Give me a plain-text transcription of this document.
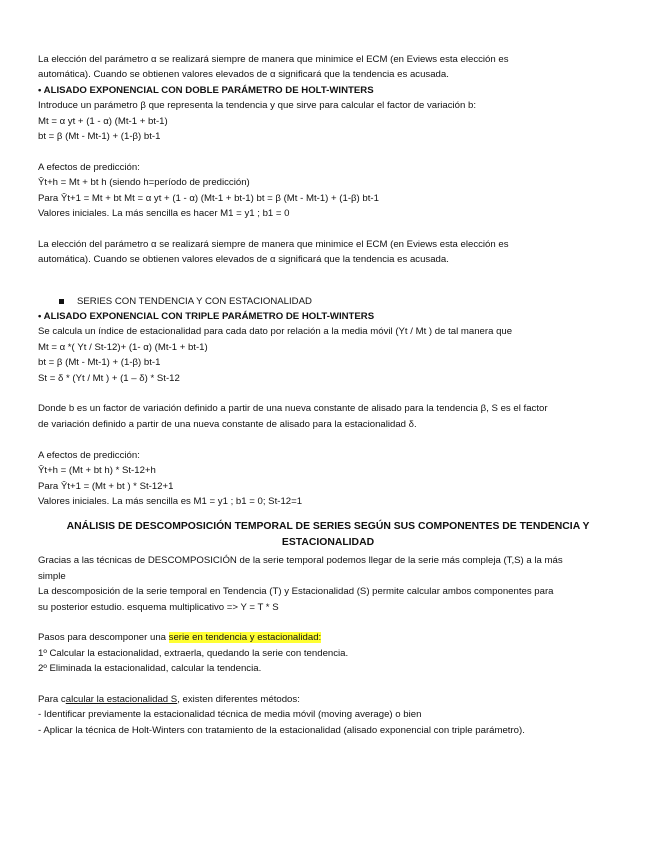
La elección del parámetro α se realizará siempre de manera que minimice el ECM (en Eviews esta elección es

automática). Cuando se obtienen valores elevados de α significará que la tendencia es acusada.

• ALISADO EXPONENCIAL CON DOBLE PARÁMETRO DE HOLT-WINTERS

Introduce un parámetro β que representa la tendencia y que sirve para calcular el factor de variación b:

Mt = α yt + (1 - α) (Mt-1 + bt-1)

bt = β (Mt - Mt-1) + (1-β) bt-1

A efectos de predicción:

Ŷt+h = Mt + bt h (siendo h=período de predicción)

Para Ŷt+1 = Mt + bt Mt = α yt + (1 - α) (Mt-1 + bt-1) bt = β (Mt - Mt-1) + (1-β) bt-1

Valores iniciales. La más sencilla es hacer M1 = y1 ; b1 = 0

La elección del parámetro α se realizará siempre de manera que minimice el ECM (en Eviews esta elección es

automática). Cuando se obtienen valores elevados de α significará que la tendencia es acusada.

SERIES CON TENDENCIA Y CON ESTACIONALIDAD

• ALISADO EXPONENCIAL CON TRIPLE PARÁMETRO DE HOLT-WINTERS

Se calcula un índice de estacionalidad para cada dato por relación a la media móvil (Yt / Mt ) de tal manera que

Mt = α *( Yt / St-12)+ (1- α) (Mt-1 + bt-1)

bt = β (Mt - Mt-1) + (1-β) bt-1

St = δ * (Yt / Mt ) + (1 – δ) * St-12

Donde b es un factor de variación definido a partir de una nueva constante de alisado para la tendencia β, S es el factor

de variación definido a partir de una nueva constante de alisado para la estacionalidad δ.

A efectos de predicción:

Ŷt+h = (Mt + bt h) * St-12+h

Para Ŷt+1 = (Mt + bt ) * St-12+1

Valores iniciales. La más sencilla es M1 = y1 ; b1 = 0; St-12=1

ANÁLISIS DE DESCOMPOSICIÓN TEMPORAL DE SERIES SEGÚN SUS COMPONENTES DE TENDENCIA Y ESTACIONALIDAD

Gracias a las técnicas de DESCOMPOSICIÓN de la serie temporal podemos llegar de la serie más compleja (T,S) a la más

simple

La descomposición de la serie temporal en Tendencia (T) y Estacionalidad (S) permite calcular ambos componentes para

su posterior estudio. esquema multiplicativo => Y = T * S

Pasos para descomponer una serie en tendencia y estacionalidad:

1º Calcular la estacionalidad, extraerla, quedando la serie con tendencia.

2º Eliminada la estacionalidad, calcular la tendencia.

Para calcular la estacionalidad S, existen diferentes métodos:

- Identificar previamente la estacionalidad técnica de media móvil (moving average) o bien

- Aplicar la técnica de Holt-Winters con tratamiento de la estacionalidad (alisado exponencial con triple parámetro).
